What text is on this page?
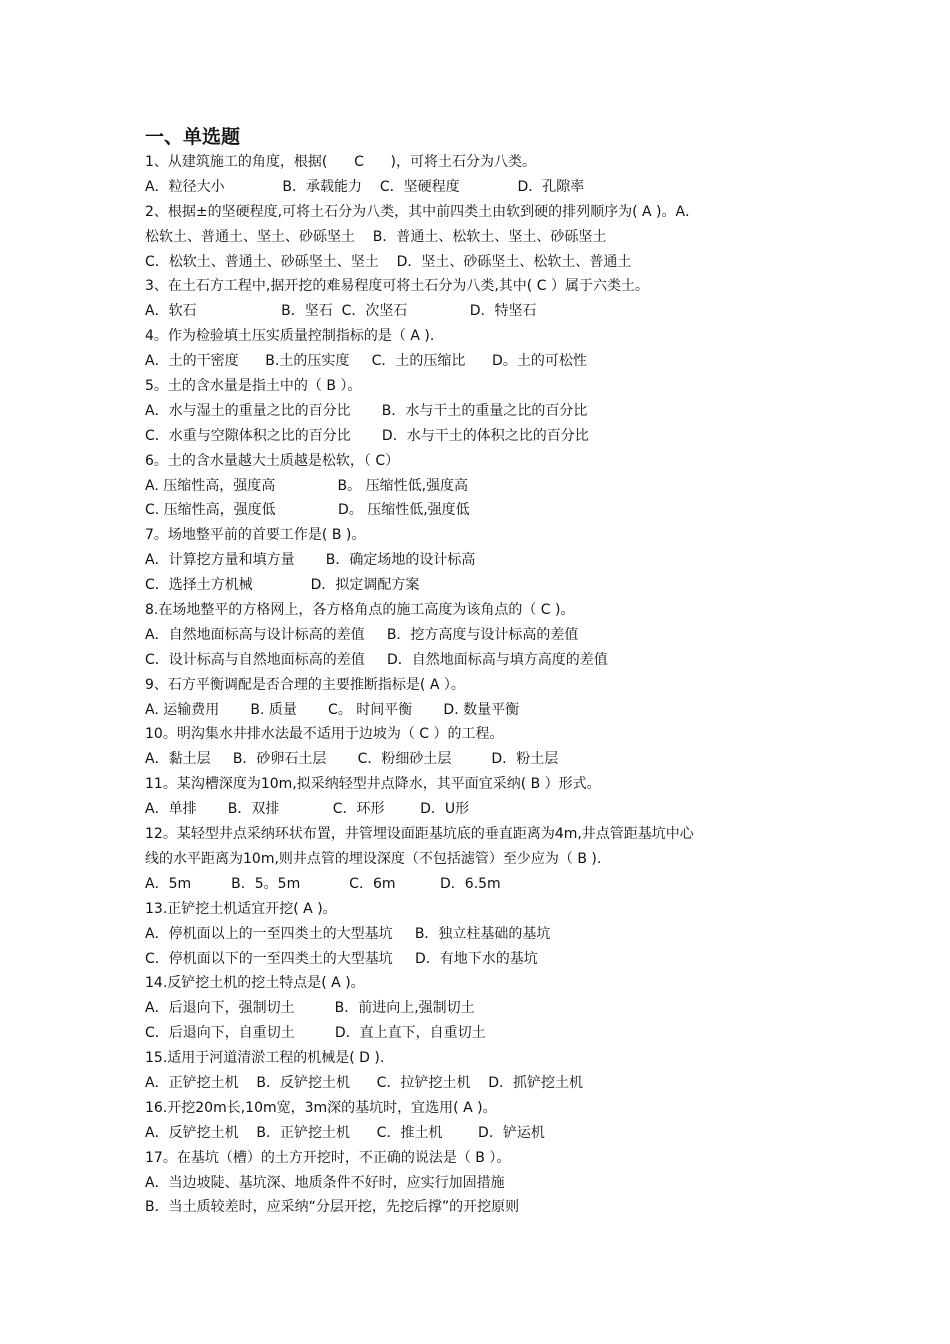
一、单选题
1、从建筑施工的角度，根据(      C      )，可将土石分为八类。
A．粒径大小             B．承载能力    C．坚硬程度             D．孔隙率
2、根据±的坚硬程度,可将土石分为八类，其中前四类土由软到硬的排列顺序为( A )。A．
松软土、普通土、坚土、砂砾坚土    B．普通土、松软土、坚土、砂砾坚土
C．松软土、普通土、砂砾坚土、坚土    D．坚土、砂砾坚土、松软土、普通土
3、在土石方工程中,据开挖的难易程度可将土石分为八类,其中( C ）属于六类土。
A．软石                   B．坚石  C．次坚石              D．特坚石
4。作为检验填土压实质量控制指标的是（ A ).
A．土的干密度      B.土的压实度     C．土的压缩比      D。土的可松性
5。土的含水量是指土中的（ B ）。
A．水与湿土的重量之比的百分比       B．水与干土的重量之比的百分比
C．水重与空隙体积之比的百分比       D．水与干土的体积之比的百分比
6。土的含水量越大土质越是松软，（ C）
A. 压缩性高，强度高              B。 压缩性低,强度高
C. 压缩性高，强度低              D。 压缩性低,强度低
7。场地整平前的首要工作是( B )。
A．计算挖方量和填方量       B．确定场地的设计标高
C．选择土方机械             D．拟定调配方案
8.在场地整平的方格网上，各方格角点的施工高度为该角点的（ C )。
A．自然地面标高与设计标高的差值     B．挖方高度与设计标高的差值
C．设计标高与自然地面标高的差值     D．自然地面标高与填方高度的差值
9、石方平衡调配是否合理的主要推断指标是( A ）。
A. 运输费用       B. 质量       C。 时间平衡       D. 数量平衡
10。明沟集水井排水法最不适用于边坡为（ C ）的工程。
A．黏土层     B．砂卵石土层       C．粉细砂土层         D．粉土层
11。某沟槽深度为10m,拟采纳轻型井点降水，其平面宜采纳( B ）形式。
A．单排       B．双排            C．环形        D．U形
12。某轻型井点采纳环状布置，井管埋设面距基坑底的垂直距离为4m,井点管距基坑中心
线的水平距离为10m,则井点管的埋设深度（不包括滤管）至少应为（ B ).
A．5m         B．5。5m           C．6m          D．6.5m
13.正铲挖土机适宜开挖( A )。
A．停机面以上的一至四类土的大型基坑     B．独立柱基础的基坑
C．停机面以下的一至四类土的大型基坑     D．有地下水的基坑
14.反铲挖土机的挖土特点是( A )。
A．后退向下，强制切土         B．前进向上,强制切土
C．后退向下，自重切土         D．直上直下，自重切土
15.适用于河道清淤工程的机械是( D ).
A．正铲挖土机    B．反铲挖土机      C．拉铲挖土机    D．抓铲挖土机
16.开挖20m长,10m宽，3m深的基坑时，宜选用( A )。
A．反铲挖土机    B．正铲挖土机      C．推土机        D．铲运机
17。在基坑（槽）的土方开挖时，不正确的说法是（ B ）。
A．当边坡陡、基坑深、地质条件不好时，应实行加固措施
B．当土质较差时，应采纳“分层开挖，先挖后撑”的开挖原则
